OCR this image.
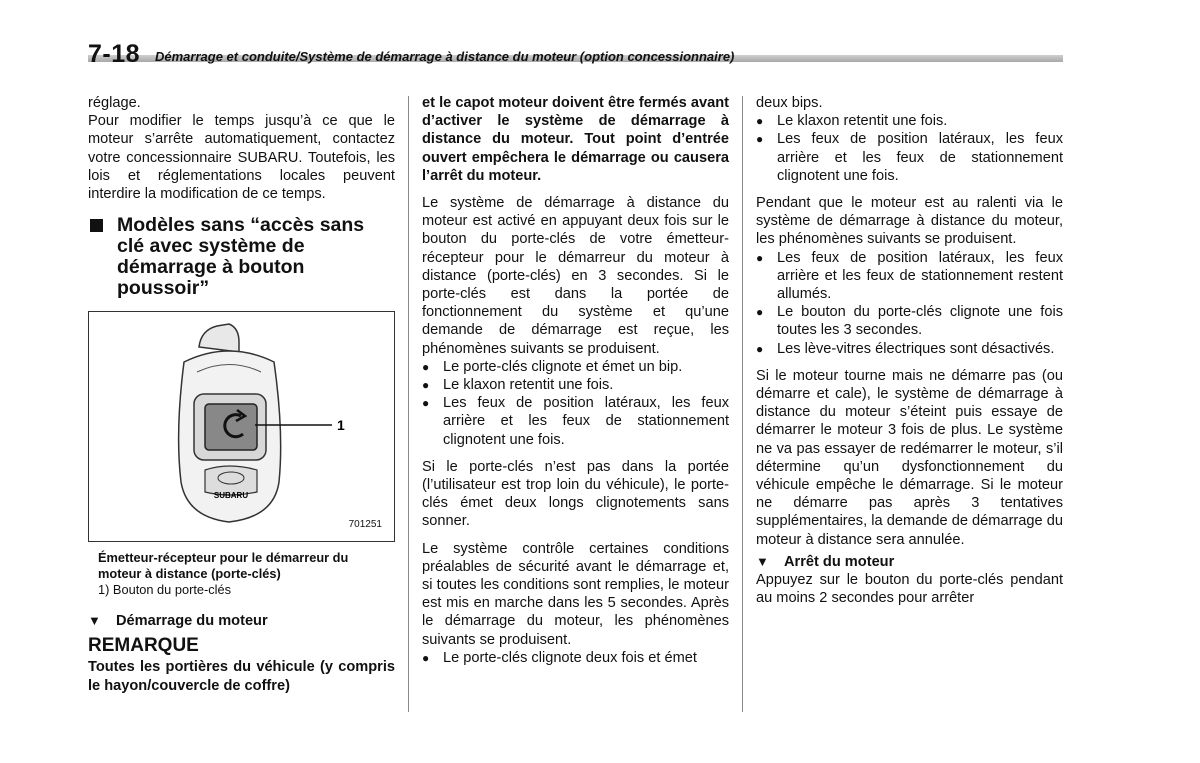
7-18 Démarrage et conduite/Système de démarrage à distance du moteur (option concessionnaire)

réglage.

Pour modifier le temps jusqu’à ce que le moteur s’arrête automatiquement, contactez votre concessionnaire SUBARU. Toutefois, les lois et réglementations locales peuvent interdire la modification de ce temps.

Modèles sans “accès sans clé avec système de démarrage à bouton poussoir”
SUBARU
1
701251
Émetteur-récepteur pour le démarreur du moteur à distance (porte-clés)
1) Bouton du porte-clés
▼	Démarrage du moteur
REMARQUE

Toutes les portières du véhicule (y compris le hayon/couvercle de coffre)

et le capot moteur doivent être fermés avant d’activer le système de démarrage à distance du moteur. Tout point d’entrée ouvert empêchera le démarrage ou causera l’arrêt du moteur.

Le système de démarrage à distance du moteur est activé en appuyant deux fois sur le bouton du porte-clés de votre émetteur-récepteur pour le démarreur du moteur à distance (porte-clés) en 3 secondes. Si le porte-clés est dans la portée de fonctionnement du système et qu’une demande de démarrage est reçue, les phénomènes suivants se produisent.

● Le porte-clés clignote et émet un bip.
● Le klaxon retentit une fois.
● Les feux de position latéraux, les feux arrière et les feux de stationnement clignotent une fois.

Si le porte-clés n’est pas dans la portée (l’utilisateur est trop loin du véhicule), le porte-clés émet deux longs clignotements sans sonner.

Le système contrôle certaines conditions préalables de sécurité avant le démarrage et, si toutes les conditions sont remplies, le moteur est mis en marche dans les 5 secondes. Après le démarrage du moteur, les phénomènes suivants se produisent.

● Le porte-clés clignote deux fois et émet

deux bips.

● Le klaxon retentit une fois.
● Les feux de position latéraux, les feux arrière et les feux de stationnement clignotent une fois.

Pendant que le moteur est au ralenti via le système de démarrage à distance du moteur, les phénomènes suivants se produisent.

● Les feux de position latéraux, les feux arrière et les feux de stationnement restent allumés.
● Le bouton du porte-clés clignote une fois toutes les 3 secondes.
● Les lève-vitres électriques sont désactivés.

Si le moteur tourne mais ne démarre pas (ou démarre et cale), le système de démarrage à distance du moteur s’éteint puis essaye de démarrer le moteur 3 fois de plus. Le système ne va pas essayer de redémarrer le moteur, s’il détermine qu’un dysfonctionnement du véhicule empêche le démarrage. Si le moteur ne démarre pas après 3 tentatives supplémentaires, la demande de démarrage du moteur à distance sera annulée.

▼	Arrêt du moteur

Appuyez sur le bouton du porte-clés pendant au moins 2 secondes pour arrêter
